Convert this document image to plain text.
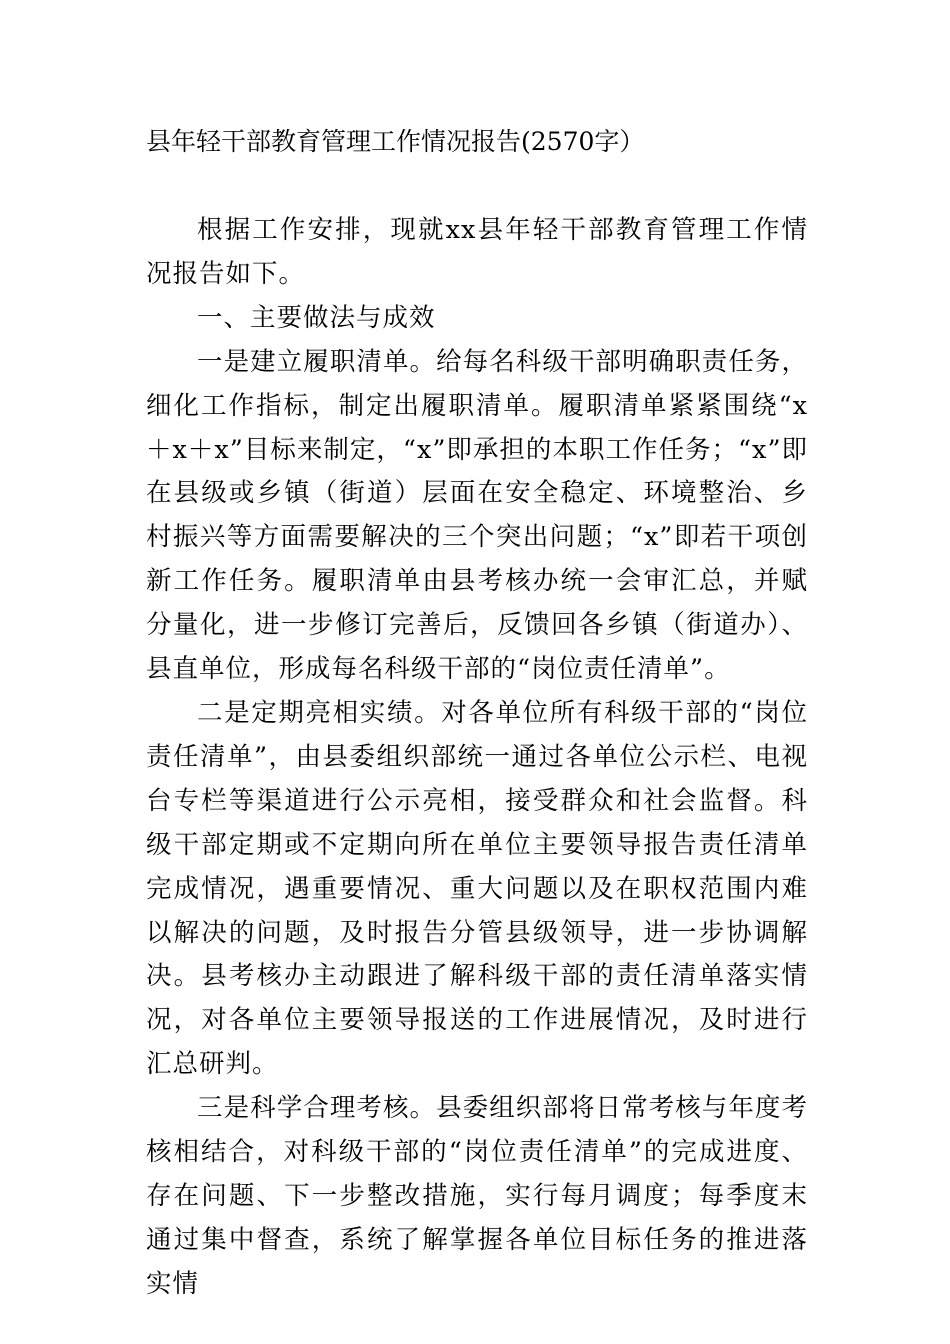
县年轻干部教育管理工作情况报告(2570字）

根据工作安排，现就xx县年轻干部教育管理工作情况报告如下。

一、主要做法与成效

一是建立履职清单。给每名科级干部明确职责任务，细化工作指标，制定出履职清单。履职清单紧紧围绕“x＋x＋x”目标来制定，“x”即承担的本职工作任务；“x”即在县级或乡镇（街道）层面在安全稳定、环境整治、乡村振兴等方面需要解决的三个突出问题；“x”即若干项创新工作任务。履职清单由县考核办统一会审汇总，并赋分量化，进一步修订完善后，反馈回各乡镇（街道办）、县直单位，形成每名科级干部的“岗位责任清单”。

二是定期亮相实绩。对各单位所有科级干部的“岗位责任清单”，由县委组织部统一通过各单位公示栏、电视台专栏等渠道进行公示亮相，接受群众和社会监督。科级干部定期或不定期向所在单位主要领导报告责任清单完成情况，遇重要情况、重大问题以及在职权范围内难以解决的问题，及时报告分管县级领导，进一步协调解决。县考核办主动跟进了解科级干部的责任清单落实情况，对各单位主要领导报送的工作进展情况，及时进行汇总研判。

三是科学合理考核。县委组织部将日常考核与年度考核相结合，对科级干部的“岗位责任清单”的完成进度、存在问题、下一步整改措施，实行每月调度；每季度末通过集中督查，系统了解掌握各单位目标任务的推进落实情
